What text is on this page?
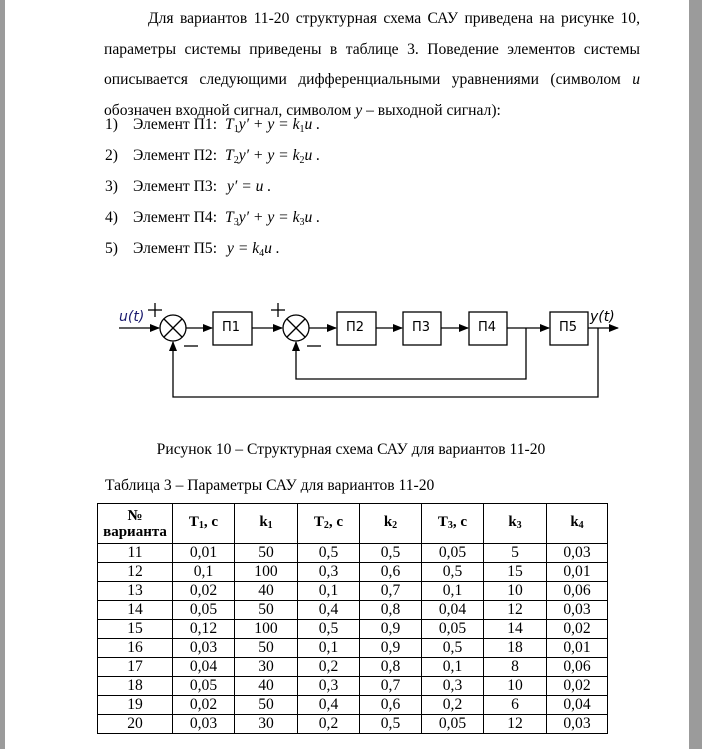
Для вариантов 11-20 структурная схема САУ приведена на рисунке 10, параметры системы приведены в таблице 3. Поведение элементов системы описывается следующими дифференциальными уравнениями (символом u обозначен входной сигнал, символом y – выходной сигнал):
1) Элемент П1: $T_1y' + y = k_1u$ .
2) Элемент П2: $T_2y' + y = k_2u$ .
3) Элемент П3: y′ = u .
4) Элемент П4: $T_3y' + y = k_3u$ .
5) Элемент П5: $y = k_4u$ .
u(t)	y(t)
П1	П2	П3	П4	П5
Рисунок 10 – Структурная схема САУ для вариантов 11-20
Таблица 3 – Параметры САУ для вариантов 11-20
№
варианта	$T_1$, c	$k_1$	$T_2$, c	$k_2$	$T_3$, c	$k_3$	$k_4$
11	0,01	50	0,5	0,5	0,05	5	0,03
12	0,1	100	0,3	0,6	0,5	15	0,01
13	0,02	40	0,1	0,7	0,1	10	0,06
14	0,05	50	0,4	0,8	0,04	12	0,03
15	0,12	100	0,5	0,9	0,05	14	0,02
16	0,03	50	0,1	0,9	0,5	18	0,01
17	0,04	30	0,2	0,8	0,1	8	0,06
18	0,05	40	0,3	0,7	0,3	10	0,02
19	0,02	50	0,4	0,6	0,2	6	0,04
20	0,03	30	0,2	0,5	0,05	12	0,03
